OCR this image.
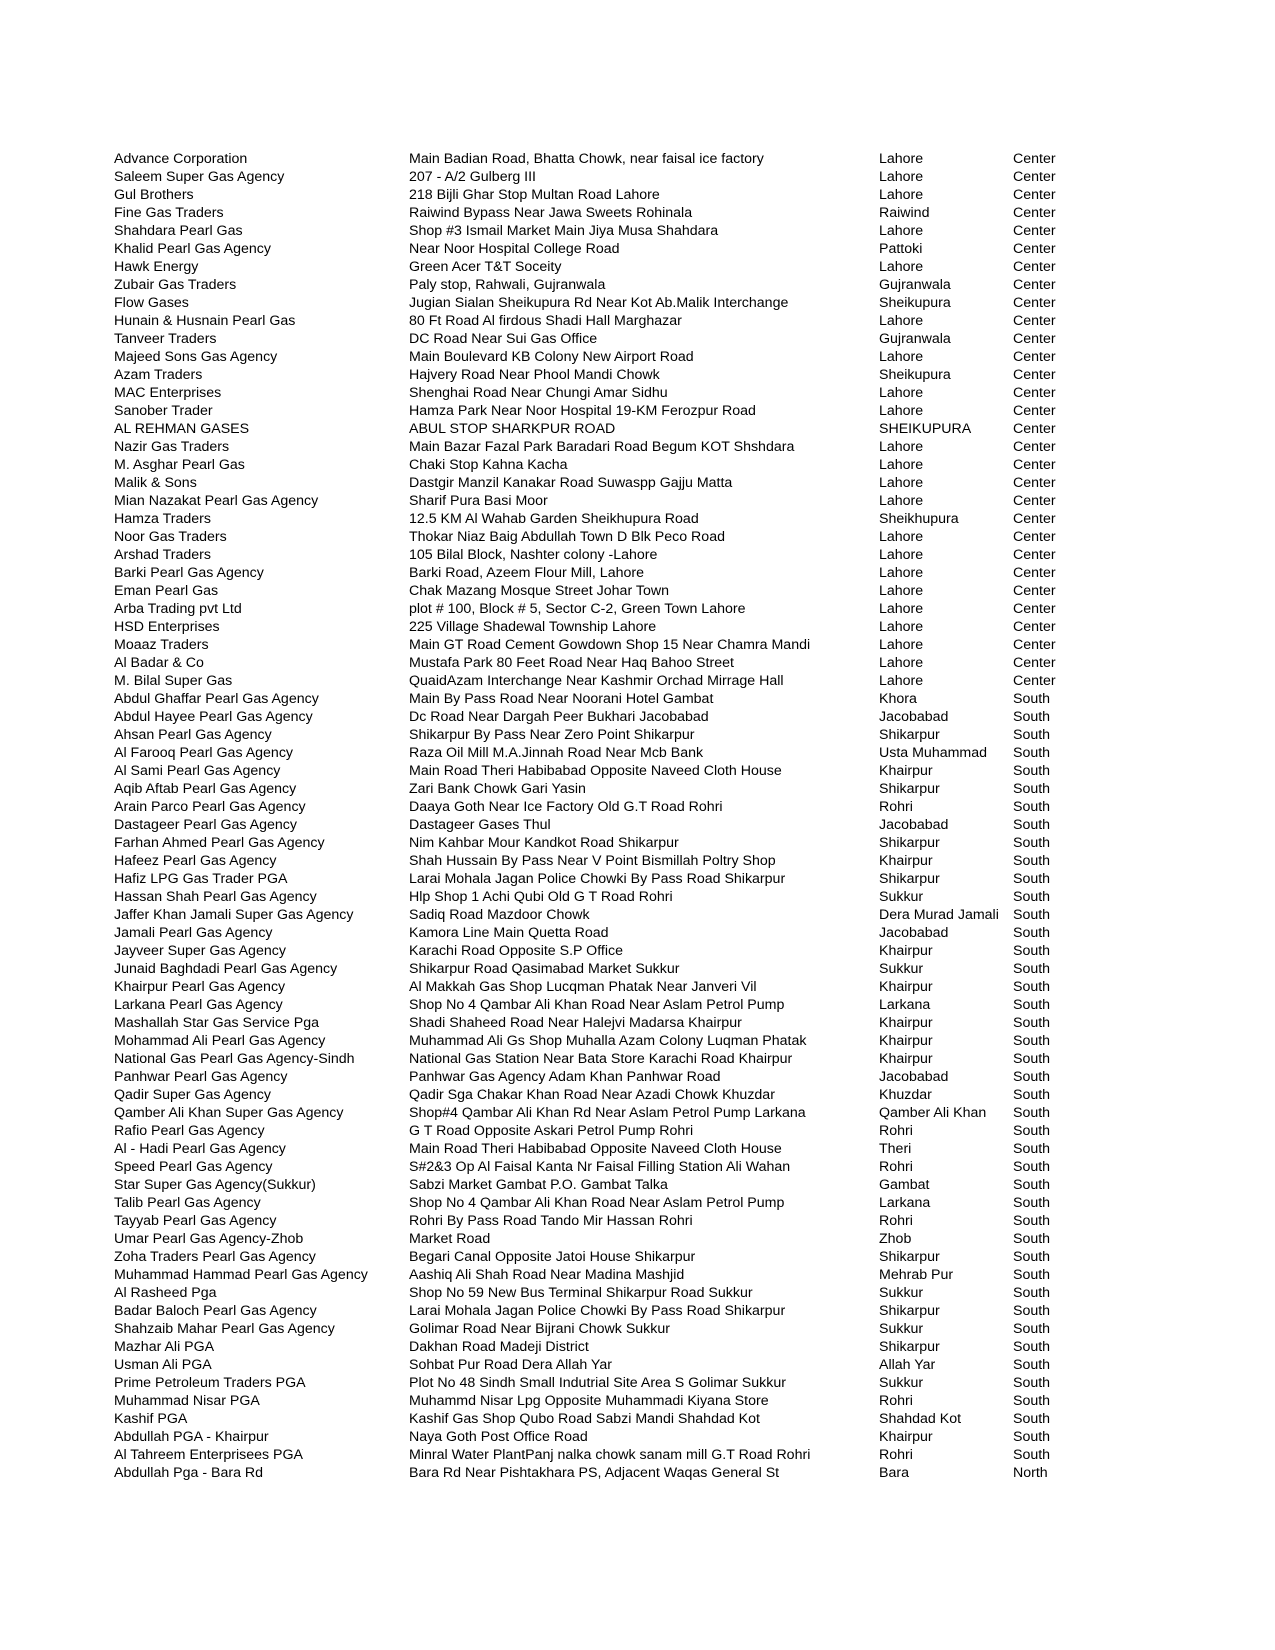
Advance Corporation	Main Badian Road, Bhatta Chowk, near faisal ice factory	Lahore	Center
Saleem Super Gas Agency	207 - A/2 Gulberg III	Lahore	Center
Gul Brothers	218 Bijli Ghar Stop Multan Road Lahore	Lahore	Center
Fine Gas Traders	Raiwind Bypass Near Jawa Sweets Rohinala	Raiwind	Center
Shahdara Pearl Gas	Shop #3 Ismail Market Main Jiya Musa Shahdara	Lahore	Center
Khalid Pearl Gas Agency	Near Noor Hospital College Road	Pattoki	Center
Hawk Energy	Green Acer T&T Soceity	Lahore	Center
Zubair Gas Traders	Paly stop, Rahwali, Gujranwala	Gujranwala	Center
Flow Gases	Jugian Sialan Sheikupura Rd Near Kot Ab.Malik Interchange	Sheikupura	Center
Hunain & Husnain Pearl Gas	80 Ft Road Al firdous Shadi Hall Marghazar	Lahore	Center
Tanveer Traders	DC Road Near Sui Gas Office	Gujranwala	Center
Majeed Sons Gas Agency	Main Boulevard KB Colony New Airport Road	Lahore	Center
Azam Traders	Hajvery Road Near Phool Mandi Chowk	Sheikupura	Center
MAC Enterprises	Shenghai Road Near Chungi Amar Sidhu	Lahore	Center
Sanober Trader	Hamza Park Near Noor Hospital 19-KM Ferozpur Road	Lahore	Center
AL REHMAN GASES	ABUL STOP SHARKPUR ROAD	SHEIKUPURA	Center
Nazir Gas Traders	Main Bazar Fazal Park Baradari Road Begum KOT Shshdara	Lahore	Center
M. Asghar Pearl Gas	Chaki Stop Kahna Kacha	Lahore	Center
Malik & Sons	Dastgir Manzil Kanakar Road Suwaspp Gajju Matta	Lahore	Center
Mian Nazakat Pearl Gas Agency	Sharif Pura Basi Moor	Lahore	Center
Hamza Traders	12.5 KM Al Wahab Garden Sheikhupura Road	Sheikhupura	Center
Noor Gas Traders	Thokar Niaz Baig Abdullah Town D Blk Peco Road	Lahore	Center
Arshad Traders	105 Bilal Block, Nashter colony -Lahore	Lahore	Center
Barki Pearl Gas Agency	Barki Road, Azeem Flour Mill, Lahore	Lahore	Center
Eman Pearl Gas	Chak Mazang Mosque Street Johar Town	Lahore	Center
Arba Trading pvt Ltd	plot # 100, Block # 5, Sector C-2, Green Town Lahore	Lahore	Center
HSD Enterprises	225 Village Shadewal Township Lahore	Lahore	Center
Moaaz Traders	Main GT Road Cement Gowdown Shop 15 Near Chamra Mandi	Lahore	Center
Al Badar & Co	Mustafa Park 80 Feet Road Near Haq Bahoo Street	Lahore	Center
M. Bilal Super Gas	QuaidAzam Interchange Near Kashmir Orchad Mirrage Hall	Lahore	Center
Abdul Ghaffar Pearl Gas Agency	Main By Pass Road Near Noorani Hotel Gambat	Khora	South
Abdul Hayee Pearl Gas Agency	Dc Road Near Dargah Peer Bukhari Jacobabad	Jacobabad	South
Ahsan Pearl Gas Agency	Shikarpur By Pass Near Zero Point Shikarpur	Shikarpur	South
Al Farooq Pearl Gas Agency	Raza Oil Mill M.A.Jinnah Road Near Mcb Bank	Usta Muhammad	South
Al Sami Pearl Gas Agency	Main Road Theri Habibabad Opposite Naveed Cloth House	Khairpur	South
Aqib Aftab Pearl Gas Agency	Zari Bank Chowk Gari Yasin	Shikarpur	South
Arain Parco Pearl Gas Agency	Daaya Goth Near Ice Factory Old G.T Road Rohri	Rohri	South
Dastageer Pearl Gas Agency	Dastageer Gases Thul	Jacobabad	South
Farhan Ahmed Pearl Gas Agency	Nim Kahbar Mour Kandkot Road Shikarpur	Shikarpur	South
Hafeez Pearl Gas Agency	Shah Hussain By Pass Near V Point Bismillah Poltry Shop	Khairpur	South
Hafiz LPG Gas Trader PGA	Larai Mohala Jagan Police Chowki By Pass Road Shikarpur	Shikarpur	South
Hassan Shah Pearl Gas Agency	Hlp Shop 1 Achi Qubi Old G T Road Rohri	Sukkur	South
Jaffer Khan Jamali Super Gas Agency	Sadiq Road Mazdoor Chowk	Dera Murad Jamali	South
Jamali Pearl Gas Agency	Kamora Line Main Quetta Road	Jacobabad	South
Jayveer Super Gas Agency	Karachi Road Opposite S.P Office	Khairpur	South
Junaid Baghdadi Pearl Gas Agency	Shikarpur Road Qasimabad Market Sukkur	Sukkur	South
Khairpur Pearl Gas Agency	Al Makkah Gas Shop Lucqman Phatak Near Janveri Vil	Khairpur	South
Larkana Pearl Gas Agency	Shop No 4 Qambar Ali Khan Road Near Aslam Petrol Pump	Larkana	South
Mashallah Star Gas Service Pga	Shadi Shaheed Road Near Halejvi Madarsa Khairpur	Khairpur	South
Mohammad Ali Pearl Gas Agency	Muhammad Ali Gs Shop Muhalla Azam Colony Luqman Phatak	Khairpur	South
National Gas Pearl Gas Agency-Sindh	National Gas Station Near Bata Store Karachi Road Khairpur	Khairpur	South
Panhwar Pearl Gas Agency	Panhwar Gas Agency Adam Khan Panhwar Road	Jacobabad	South
Qadir Super Gas Agency	Qadir Sga Chakar Khan Road Near Azadi Chowk Khuzdar	Khuzdar	South
Qamber Ali Khan Super Gas Agency	Shop#4 Qambar Ali Khan Rd Near Aslam Petrol Pump Larkana	Qamber Ali Khan	South
Rafio Pearl Gas Agency	G T Road Opposite Askari Petrol Pump Rohri	Rohri	South
Al - Hadi Pearl Gas Agency	Main Road Theri Habibabad Opposite Naveed Cloth House	Theri	South
Speed Pearl Gas Agency	S#2&3 Op Al Faisal Kanta Nr Faisal Filling Station Ali Wahan	Rohri	South
Star Super Gas Agency(Sukkur)	Sabzi Market Gambat P.O. Gambat Talka	Gambat	South
Talib Pearl Gas Agency	Shop No 4 Qambar Ali Khan Road Near Aslam Petrol Pump	Larkana	South
Tayyab Pearl Gas Agency	Rohri By Pass Road Tando Mir Hassan Rohri	Rohri	South
Umar Pearl Gas Agency-Zhob	Market Road	Zhob	South
Zoha Traders Pearl Gas Agency	Begari Canal Opposite Jatoi House Shikarpur	Shikarpur	South
Muhammad Hammad Pearl Gas Agency	Aashiq Ali Shah Road Near Madina Mashjid	Mehrab Pur	South
Al Rasheed Pga	Shop No 59 New Bus Terminal Shikarpur Road Sukkur	Sukkur	South
Badar Baloch Pearl Gas Agency	Larai Mohala Jagan Police Chowki By Pass Road Shikarpur	Shikarpur	South
Shahzaib Mahar Pearl Gas Agency	Golimar Road Near Bijrani Chowk Sukkur	Sukkur	South
Mazhar Ali PGA	Dakhan Road Madeji District	Shikarpur	South
Usman Ali PGA	Sohbat Pur Road Dera Allah Yar	Allah Yar	South
Prime Petroleum Traders PGA	Plot No 48 Sindh Small Indutrial Site Area S Golimar Sukkur	Sukkur	South
Muhammad Nisar PGA	Muhammd Nisar Lpg Opposite Muhammadi Kiyana Store	Rohri	South
Kashif PGA	Kashif Gas Shop Qubo Road Sabzi Mandi Shahdad Kot	Shahdad Kot	South
Abdullah PGA - Khairpur	Naya Goth Post Office Road	Khairpur	South
Al Tahreem Enterprisees PGA	Minral Water PlantPanj nalka chowk sanam mill G.T Road Rohri	Rohri	South
Abdullah Pga - Bara Rd	Bara Rd Near Pishtakhara PS, Adjacent Waqas General St	Bara	North
